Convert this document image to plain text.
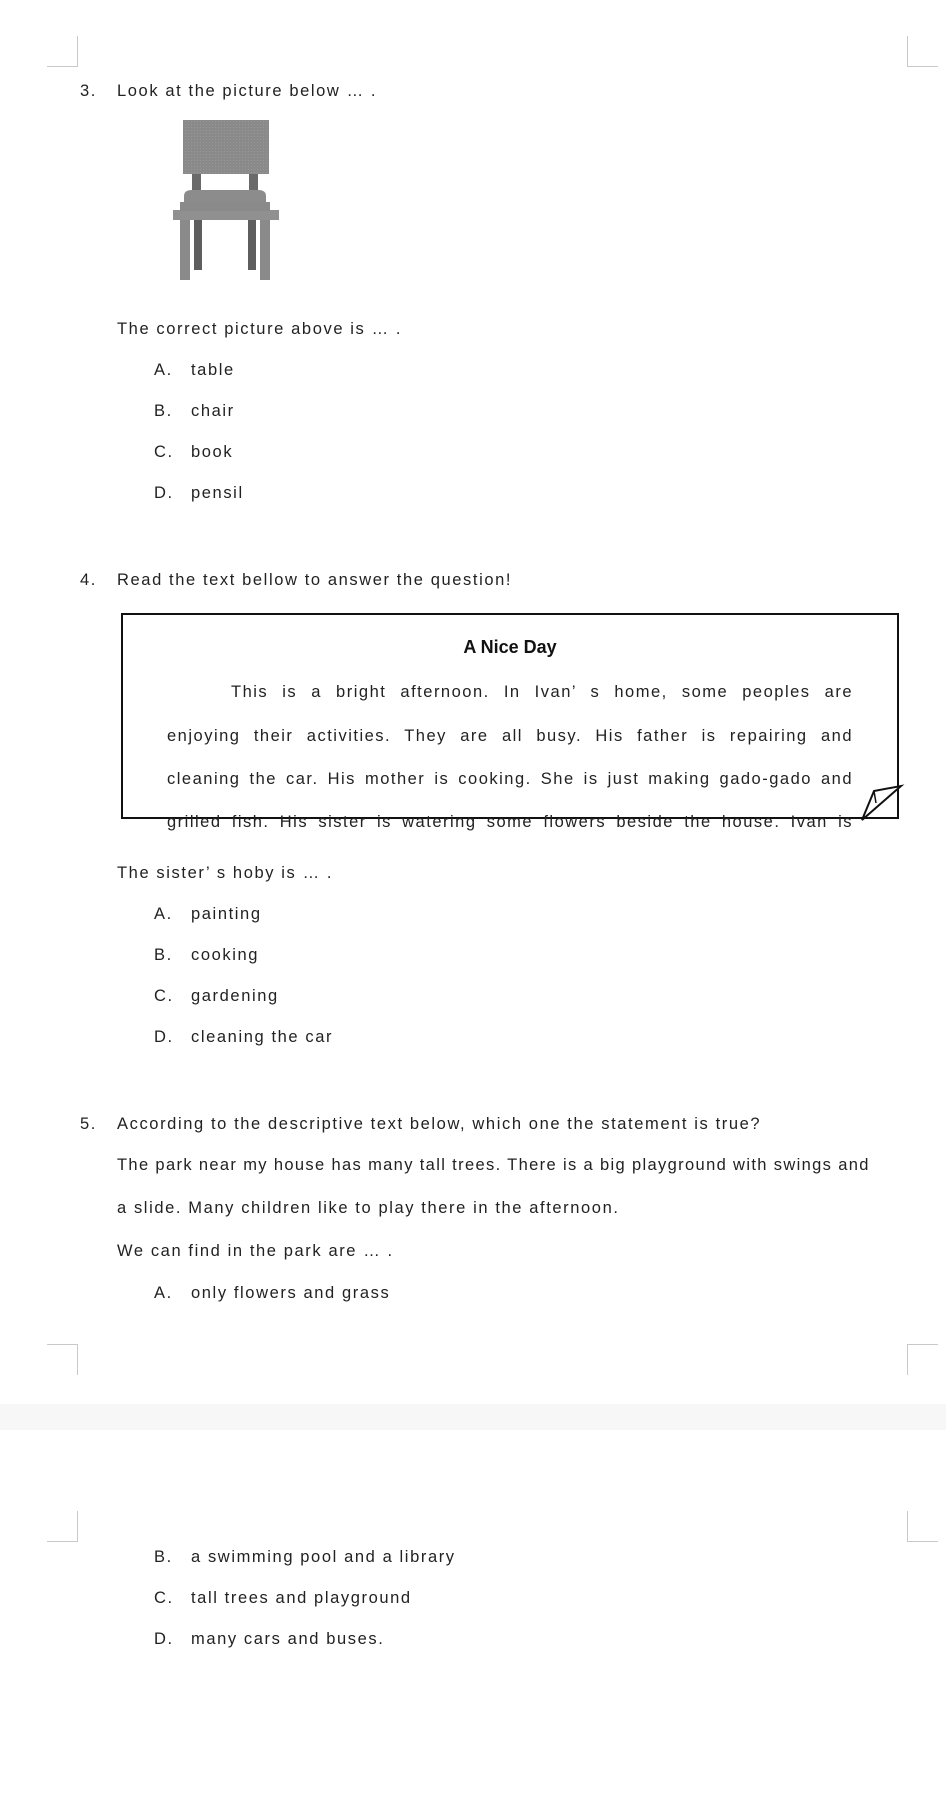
3. Look at the picture below … .
The correct picture above is … .
A. table
B. chair
C. book
D. pensil
4. Read the text bellow to answer the question!
A Nice Day
This is a bright afternoon. In Ivan’ s home, some peoples are
enjoying their activities. They are all busy. His father is repairing and
cleaning the car. His mother is cooking. She is just making gado-gado and
grilled fish. His sister is watering some flowers beside the house. Ivan is
The sister’ s hoby is … .
A. painting
B. cooking
C. gardening
D. cleaning the car
5. According to the descriptive text below, which one the statement is true?
The park near my house has many tall trees. There is a big playground with swings and
a slide. Many children like to play there in the afternoon.
We can find in the park are … .
A. only flowers and grass
B. a swimming pool and a library
C. tall trees and playground
D. many cars and buses.
